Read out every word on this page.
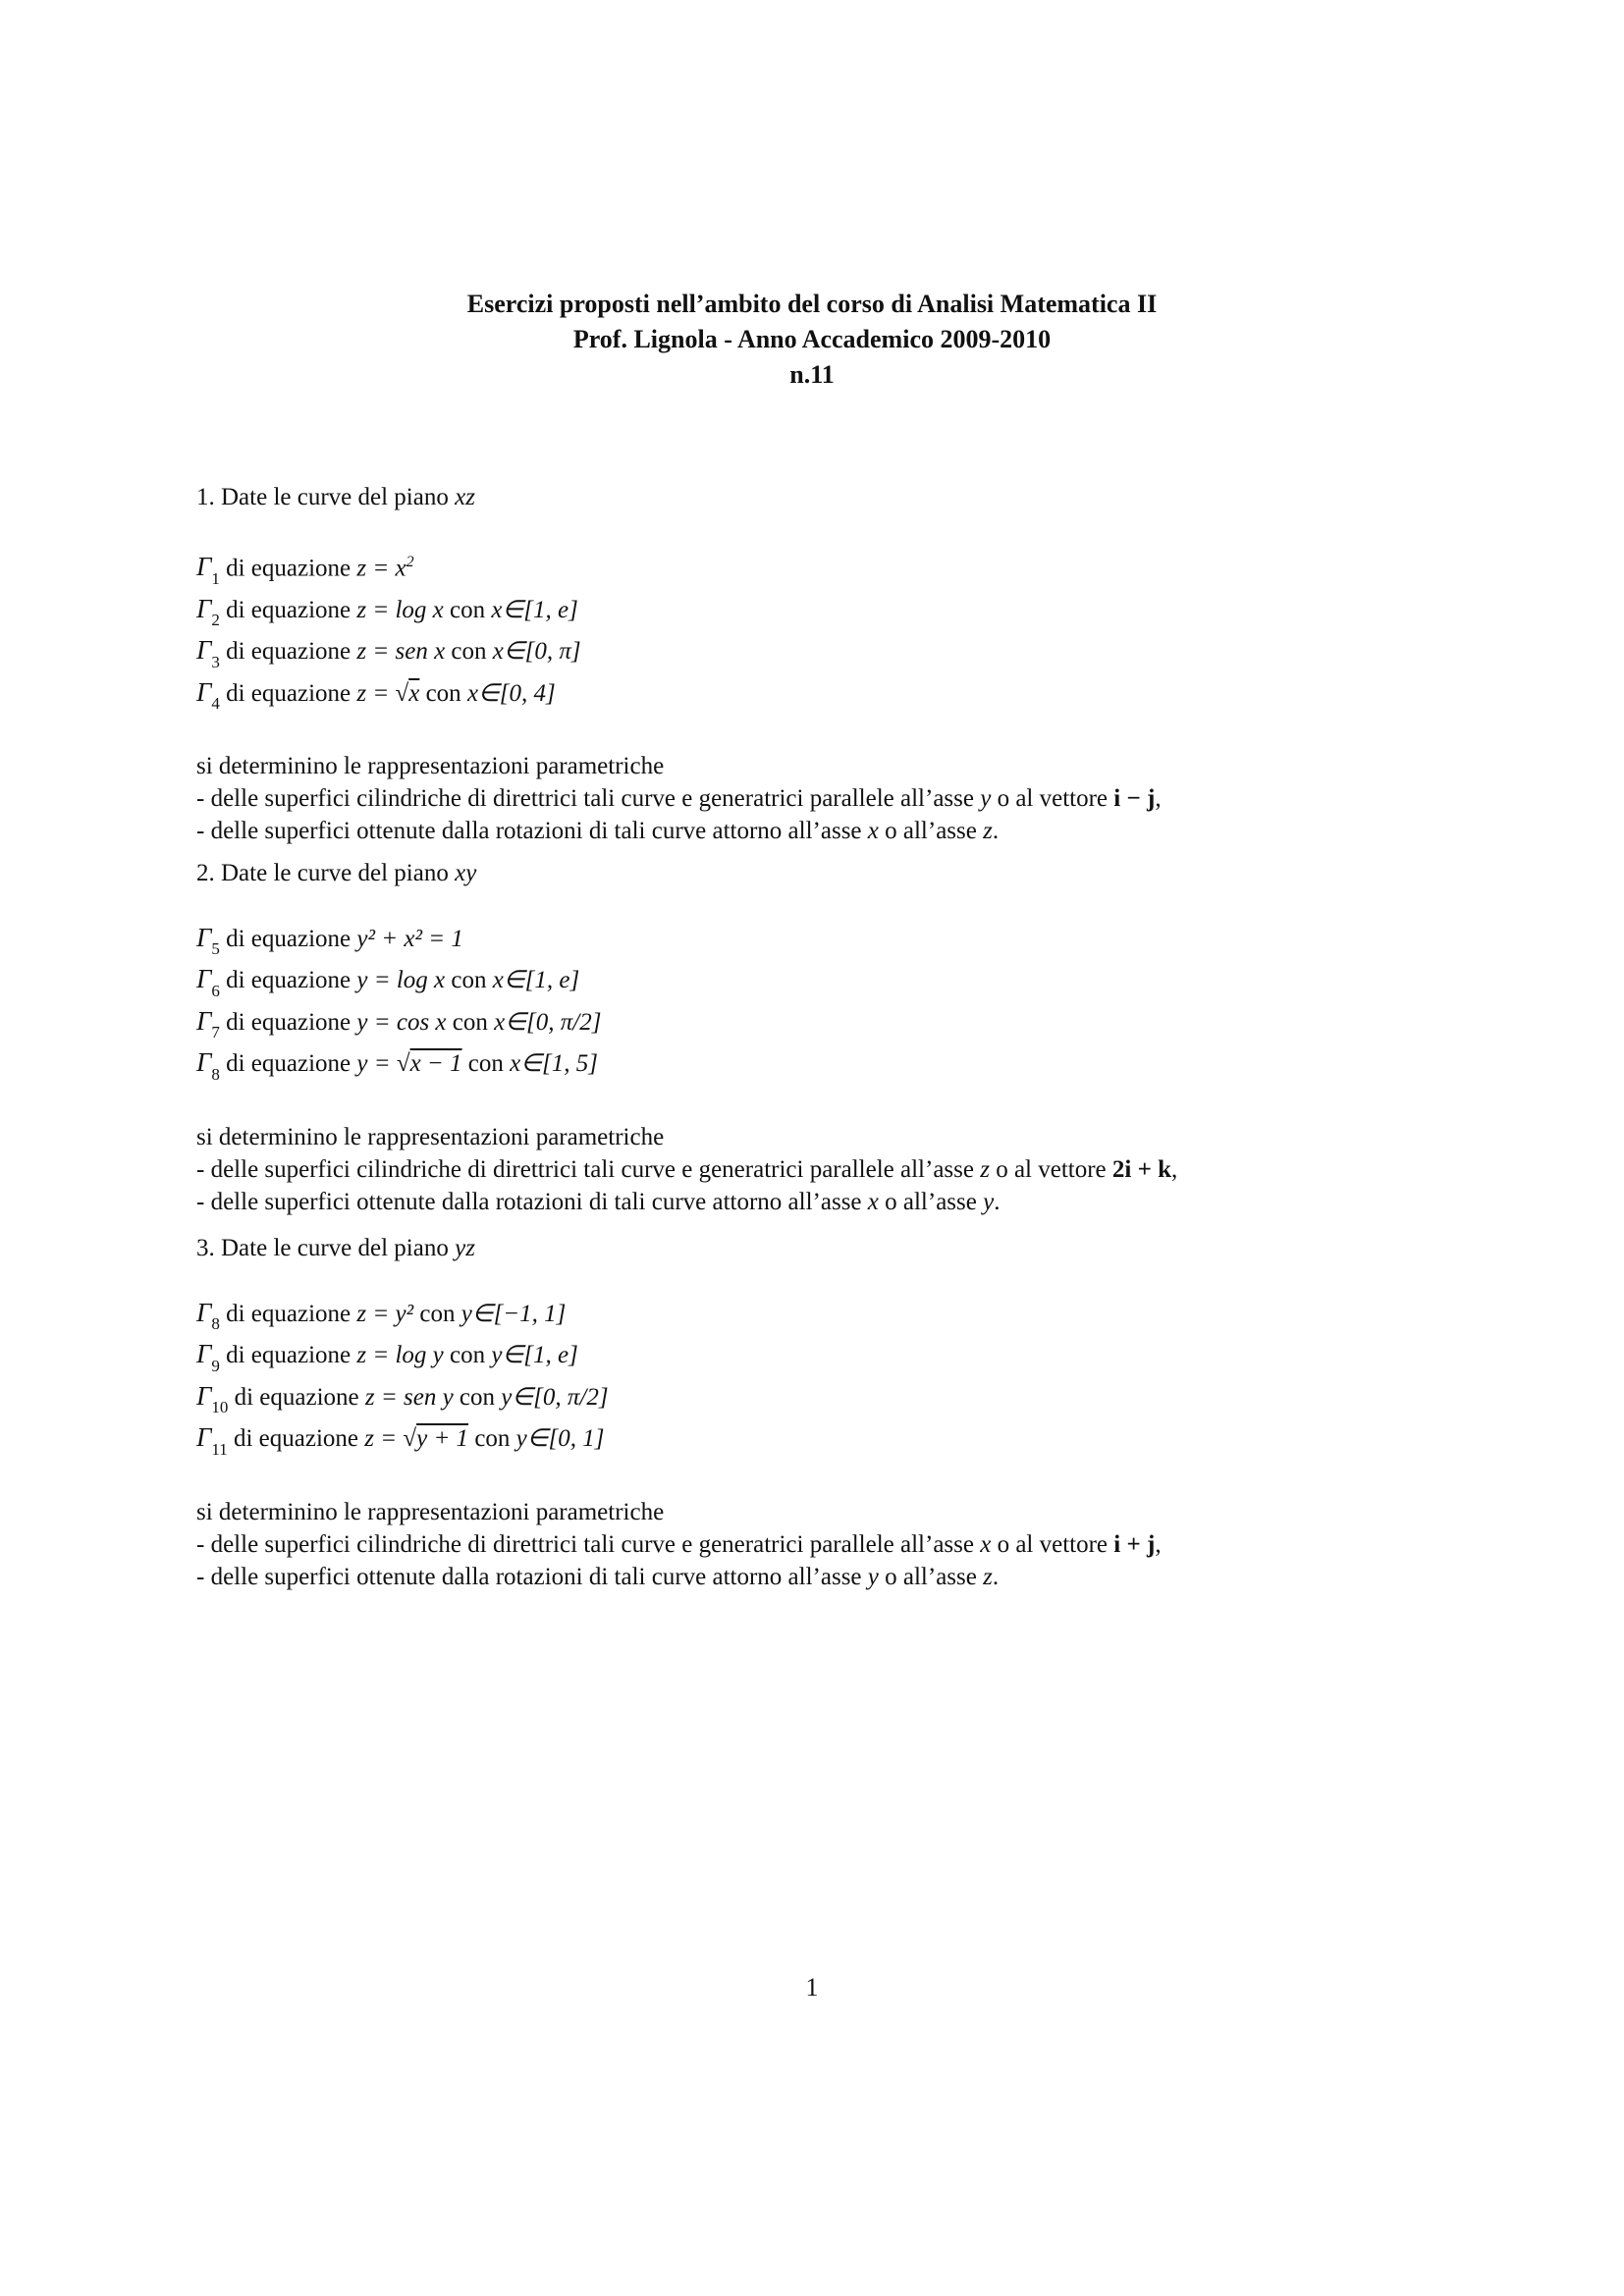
Esercizi proposti nell’ambito del corso di Analisi Matematica II
Prof. Lignola - Anno Accademico 2009-2010
n.11
1. Date le curve del piano xz
$\Gamma_1$ di equazione $z = x^2$
$\Gamma_2$ di equazione z = log x con x∈[1, e]
$\Gamma_3$ di equazione z = sen x con x∈[0, π]
$\Gamma_4$ di equazione z = √x con x∈[0, 4]
si determinino le rappresentazioni parametriche
- delle superfici cilindriche di direttrici tali curve e generatrici parallele all’asse y o al vettore i − j,
- delle superfici ottenute dalla rotazioni di tali curve attorno all’asse x o all’asse z.
2. Date le curve del piano xy
$\Gamma_5$ di equazione y² + x² = 1
$\Gamma_6$ di equazione y = log x con x∈[1, e]
$\Gamma_7$ di equazione y = cos x con x∈[0, π/2]
$\Gamma_8$ di equazione y = √x − 1 con x∈[1, 5]
si determinino le rappresentazioni parametriche
- delle superfici cilindriche di direttrici tali curve e generatrici parallele all’asse z o al vettore 2i + k,
- delle superfici ottenute dalla rotazioni di tali curve attorno all’asse x o all’asse y.
3. Date le curve del piano yz
$\Gamma_8$ di equazione z = y² con y∈[−1, 1]
$\Gamma_9$ di equazione z = log y con y∈[1, e]
$\Gamma_{10}$ di equazione z = sen y con y∈[0, π/2]
$\Gamma_{11}$ di equazione z = √y + 1 con y∈[0, 1]
si determinino le rappresentazioni parametriche
- delle superfici cilindriche di direttrici tali curve e generatrici parallele all’asse x o al vettore i + j,
- delle superfici ottenute dalla rotazioni di tali curve attorno all’asse y o all’asse z.
1
